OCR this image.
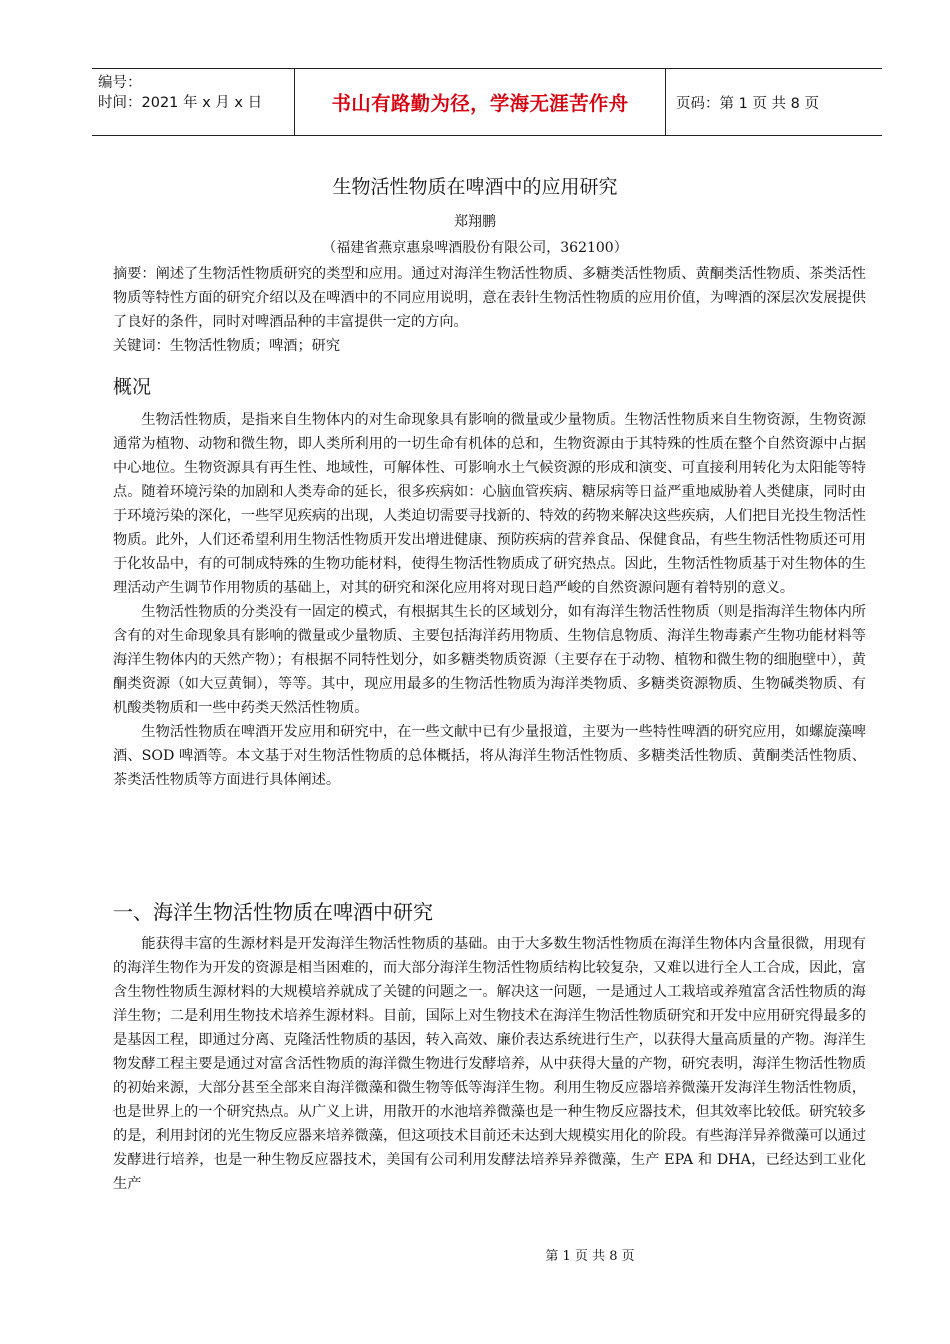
编号：
时间：2021 年 x 月 x 日	书山有路勤为径，学海无涯苦作舟	页码：第 1 页 共 8 页
生物活性物质在啤酒中的应用研究
郑翔鹏
（福建省燕京惠泉啤酒股份有限公司，362100）

摘要：阐述了生物活性物质研究的类型和应用。通过对海洋生物活性物质、多糖类活性物质、黄酮类活性物质、茶类活性物质等特性方面的研究介绍以及在啤酒中的不同应用说明，意在表针生物活性物质的应用价值，为啤酒的深层次发展提供了良好的条件，同时对啤酒品种的丰富提供一定的方向。

关键词：生物活性物质；啤酒；研究

概况

生物活性物质，是指来自生物体内的对生命现象具有影响的微量或少量物质。生物活性物质来自生物资源，生物资源通常为植物、动物和微生物，即人类所利用的一切生命有机体的总和，生物资源由于其特殊的性质在整个自然资源中占据中心地位。生物资源具有再生性、地域性，可解体性、可影响水土气候资源的形成和演变、可直接利用转化为太阳能等特点。随着环境污染的加剧和人类寿命的延长，很多疾病如：心脑血管疾病、糖尿病等日益严重地威胁着人类健康，同时由于环境污染的深化，一些罕见疾病的出现，人类迫切需要寻找新的、特效的药物来解决这些疾病，人们把目光投生物活性物质。此外，人们还希望利用生物活性物质开发出增进健康、预防疾病的营养食品、保健食品，有些生物活性物质还可用于化妆品中，有的可制成特殊的生物功能材料，使得生物活性物质成了研究热点。因此，生物活性物质基于对生物体的生理活动产生调节作用物质的基础上，对其的研究和深化应用将对现日趋严峻的自然资源问题有着特别的意义。

生物活性物质的分类没有一固定的模式，有根据其生长的区域划分，如有海洋生物活性物质（则是指海洋生物体内所含有的对生命现象具有影响的微量或少量物质、主要包括海洋药用物质、生物信息物质、海洋生物毒素产生物功能材料等海洋生物体内的天然产物）；有根据不同特性划分，如多糖类物质资源（主要存在于动物、植物和微生物的细胞壁中），黄酮类资源（如大豆黄铜），等等。其中，现应用最多的生物活性物质为海洋类物质、多糖类资源物质、生物碱类物质、有机酸类物质和一些中药类天然活性物质。

生物活性物质在啤酒开发应用和研究中，在一些文献中已有少量报道，主要为一些特性啤酒的研究应用，如螺旋藻啤酒、SOD 啤酒等。本文基于对生物活性物质的总体概括，将从海洋生物活性物质、多糖类活性物质、黄酮类活性物质、茶类活性物质等方面进行具体阐述。

一、海洋生物活性物质在啤酒中研究

能获得丰富的生源材料是开发海洋生物活性物质的基础。由于大多数生物活性物质在海洋生物体内含量很微，用现有的海洋生物作为开发的资源是相当困难的，而大部分海洋生物活性物质结构比较复杂，又难以进行全人工合成，因此，富含生物性物质生源材料的大规模培养就成了关键的问题之一。解决这一问题，一是通过人工栽培或养殖富含活性物质的海洋生物；二是利用生物技术培养生源材料。目前，国际上对生物技术在海洋生物活性物质研究和开发中应用研究得最多的是基因工程，即通过分离、克隆活性物质的基因，转入高效、廉价表达系统进行生产，以获得大量高质量的产物。海洋生物发酵工程主要是通过对富含活性物质的海洋微生物进行发酵培养，从中获得大量的产物，研究表明，海洋生物活性物质的初始来源，大部分甚至全部来自海洋微藻和微生物等低等海洋生物。利用生物反应器培养微藻开发海洋生物活性物质，也是世界上的一个研究热点。从广义上讲，用散开的水池培养微藻也是一种生物反应器技术，但其效率比较低。研究较多的是，利用封闭的光生物反应器来培养微藻，但这项技术目前还未达到大规模实用化的阶段。有些海洋异养微藻可以通过发酵进行培养，也是一种生物反应器技术，美国有公司利用发酵法培养异养微藻，生产 EPA 和 DHA，已经达到工业化生产

第 1 页 共 8 页
